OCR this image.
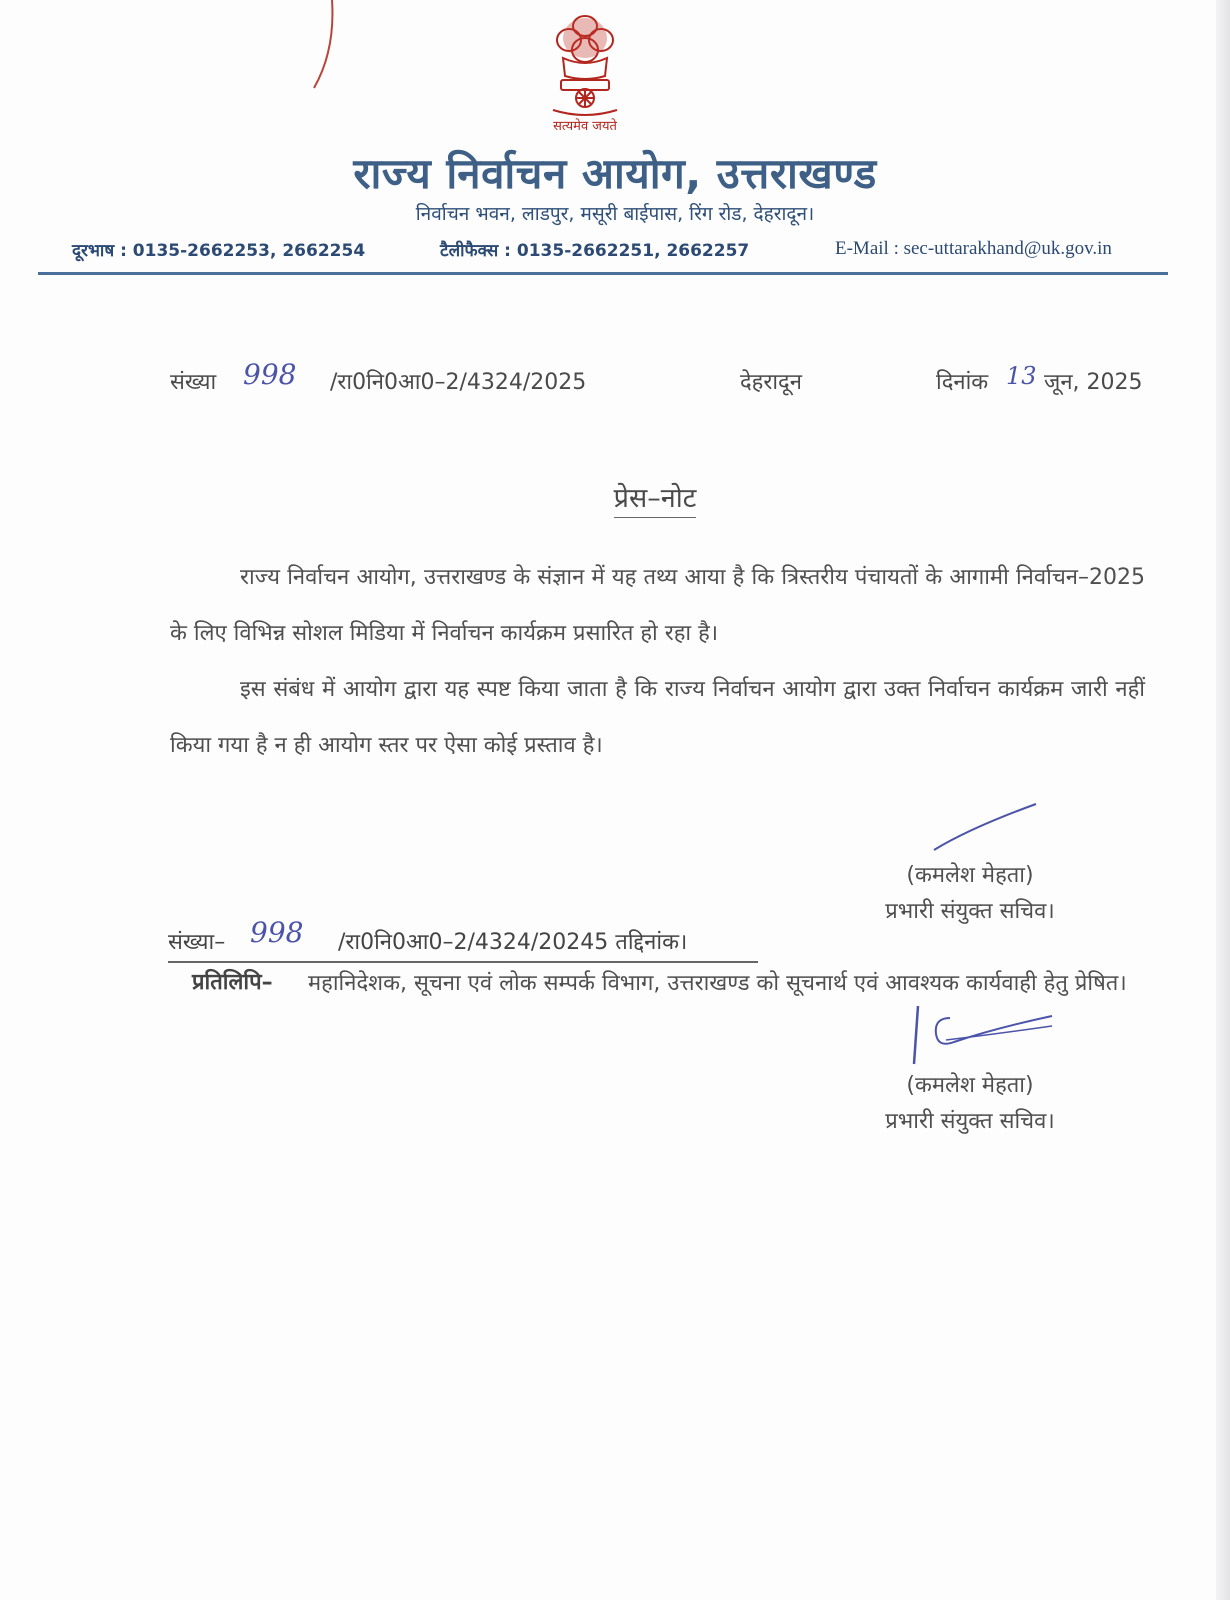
सत्यमेव जयते
राज्य निर्वाचन आयोग, उत्तराखण्ड
निर्वाचन भवन, लाडपुर, मसूरी बाईपास, रिंग रोड, देहरादून।
दूरभाष : 0135-2662253, 2662254	टैलीफैक्स : 0135-2662251, 2662257	E-Mail : sec-uttarakhand@uk.gov.in
संख्या 998 /रा0नि0आ0–2/4324/2025	देहरादून	दिनांक 13 जून, 2025
प्रेस–नोट
राज्य निर्वाचन आयोग, उत्तराखण्ड के संज्ञान में यह तथ्य आया है कि त्रिस्तरीय पंचायतों के आगामी निर्वाचन–2025 के लिए विभिन्न सोशल मिडिया में निर्वाचन कार्यक्रम प्रसारित हो रहा है।
इस संबंध में आयोग द्वारा यह स्पष्ट किया जाता है कि राज्य निर्वाचन आयोग द्वारा उक्त निर्वाचन कार्यक्रम जारी नहीं किया गया है न ही आयोग स्तर पर ऐसा कोई प्रस्ताव है।
(कमलेश मेहता)
प्रभारी संयुक्त सचिव।
संख्या– 998 /रा0नि0आ0–2/4324/20245 तद्दिनांक।
प्रतिलिपि– महानिदेशक, सूचना एवं लोक सम्पर्क विभाग, उत्तराखण्ड को सूचनार्थ एवं आवश्यक कार्यवाही हेतु प्रेषित।
(कमलेश मेहता)
प्रभारी संयुक्त सचिव।
